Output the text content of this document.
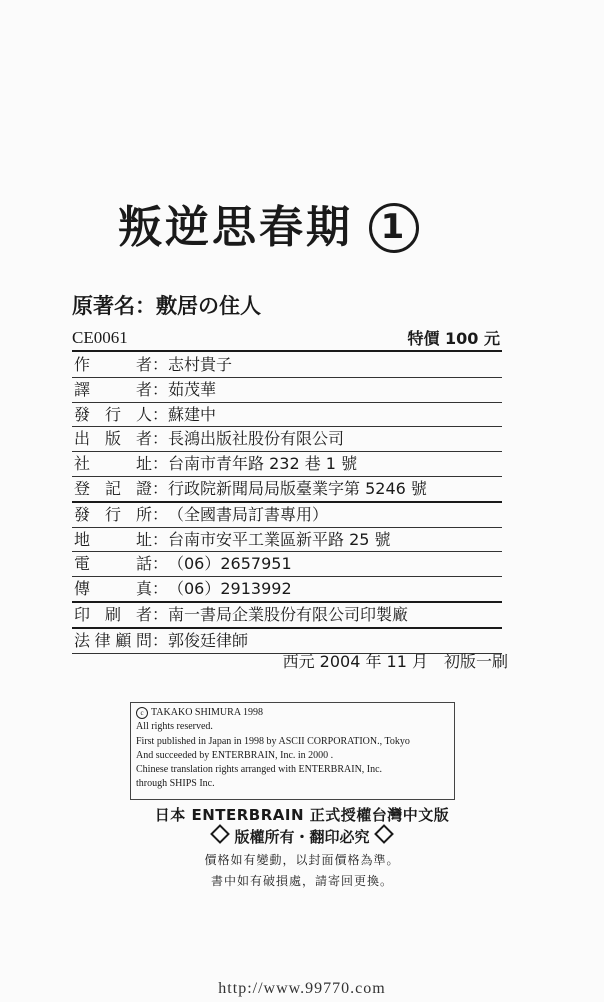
叛逆思春期 1
原著名：敷居の住人
CE0061	特價 100 元
作	者 ： 志村貴子
譯	者 ： 茹茂華
發 行 人 ： 蘇建中
出 版 者 ： 長鴻出版社股份有限公司
社	址 ： 台南市青年路 232 巷 1 號
登 記 證 ： 行政院新聞局局版臺業字第 5246 號
發 行 所 ： （全國書局訂書專用）
地	址 ： 台南市安平工業區新平路 25 號
電	話 ： （06）2657951
傳	真 ： （06）2913992
印 刷 者 ： 南一書局企業股份有限公司印製廠
法 律 顧 問 ： 郭俊廷律師
西元 2004 年 11 月　初版一刷
c TAKAKO SHIMURA 1998
All rights reserved.
First published in Japan in 1998 by ASCII CORPORATION., Tokyo
And succeeded by ENTERBRAIN, Inc. in 2000 .
Chinese translation rights arranged with ENTERBRAIN, Inc.
through SHIPS Inc.
日本 ENTERBRAIN 正式授權台灣中文版
版權所有・翻印必究
價格如有變動，以封面價格為準。
書中如有破損處，請寄回更換。
http://www.99770.com
